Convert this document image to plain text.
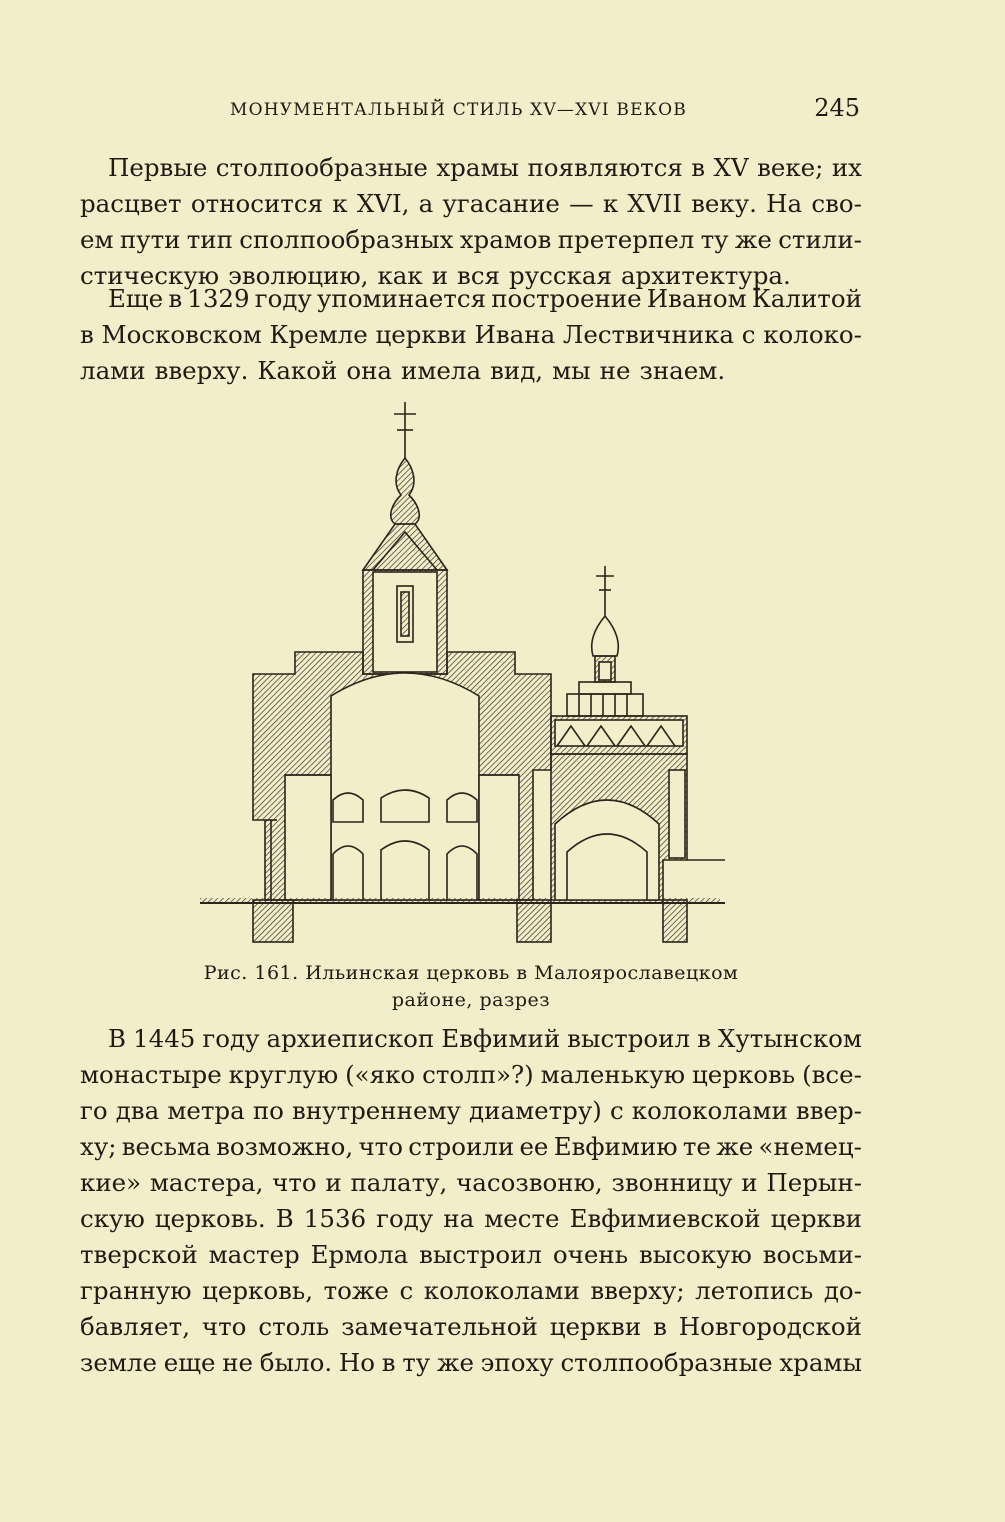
МОНУМЕНТАЛЬНЫЙ СТИЛЬ XV—XVI ВЕКОВ	245
Первые столпообразные храмы появляются в XV веке; их
расцвет относится к XVI, а угасание — к XVII веку. На сво-
ем пути тип сполпообразных храмов претерпел ту же стили-
стическую эволюцию, как и вся русская архитектура.
Еще в 1329 году упоминается построение Иваном Калитой
в Московском Кремле церкви Ивана Лествичника с колоко-
лами вверху. Какой она имела вид, мы не знаем.
Рис. 161. Ильинская церковь в Малоярославецком
районе, разрез
В 1445 году архиепископ Евфимий выстроил в Хутынском
монастыре круглую («яко столп»?) маленькую церковь (все-
го два метра по внутреннему диаметру) с колоколами ввер-
ху; весьма возможно, что строили ее Евфимию те же «немец-
кие» мастера, что и палату, часозвоню, звонницу и Перын-
скую церковь. В 1536 году на месте Евфимиевской церкви
тверской мастер Ермола выстроил очень высокую восьми-
гранную церковь, тоже с колоколами вверху; летопись до-
бавляет, что столь замечательной церкви в Новгородской
земле еще не было. Но в ту же эпоху столпообразные храмы
